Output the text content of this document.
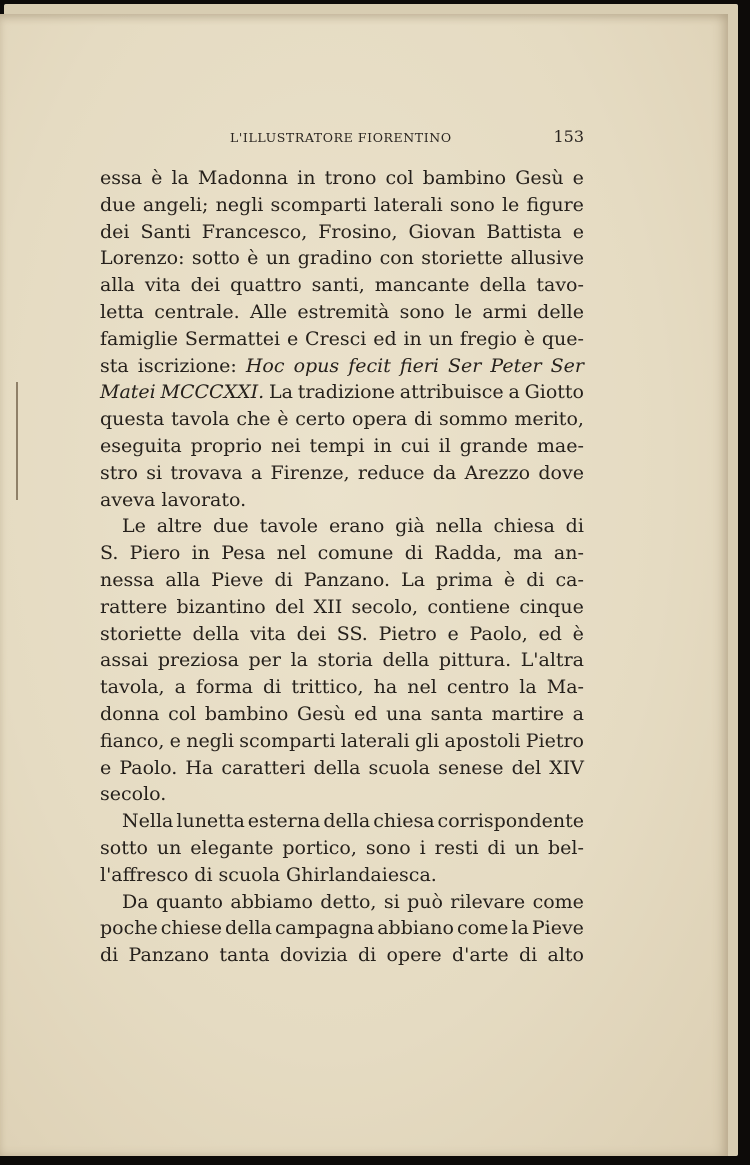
L'ILLUSTRATORE FIORENTINO	153
essa è la Madonna in trono col bambino Gesù e
due angeli; negli scomparti laterali sono le figure
dei Santi Francesco, Frosino, Giovan Battista e
Lorenzo: sotto è un gradino con storiette allusive
alla vita dei quattro santi, mancante della tavo-
letta centrale. Alle estremità sono le armi delle
famiglie Sermattei e Cresci ed in un fregio è que-
sta iscrizione: Hoc opus fecit fieri Ser Peter Ser
Matei MCCCXXI. La tradizione attribuisce a Giotto
questa tavola che è certo opera di sommo merito,
eseguita proprio nei tempi in cui il grande mae-
stro si trovava a Firenze, reduce da Arezzo dove
aveva lavorato.
Le altre due tavole erano già nella chiesa di
S. Piero in Pesa nel comune di Radda, ma an-
nessa alla Pieve di Panzano. La prima è di ca-
rattere bizantino del XII secolo, contiene cinque
storiette della vita dei SS. Pietro e Paolo, ed è
assai preziosa per la storia della pittura. L'altra
tavola, a forma di trittico, ha nel centro la Ma-
donna col bambino Gesù ed una santa martire a
fianco, e negli scomparti laterali gli apostoli Pietro
e Paolo. Ha caratteri della scuola senese del XIV
secolo.
Nella lunetta esterna della chiesa corrispondente
sotto un elegante portico, sono i resti di un bel-
l'affresco di scuola Ghirlandaiesca.
Da quanto abbiamo detto, si può rilevare come
poche chiese della campagna abbiano come la Pieve
di Panzano tanta dovizia di opere d'arte di alto
